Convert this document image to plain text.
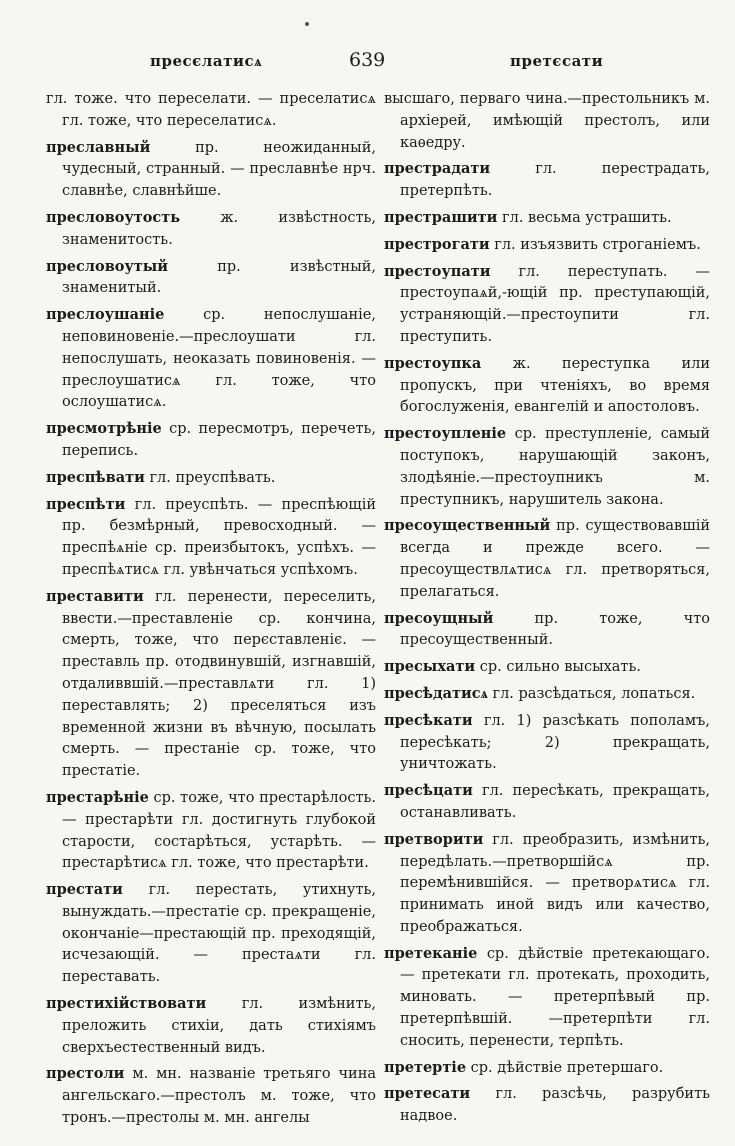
пресєлатисѧ	639	претєсати

гл. тоже. что переселати. — преселатисѧ гл. тоже, что переселатисѧ.

преславный	пр. неожиданный, чудесный, странный. — преславнѣе нрч. славнѣе, славнѣйше.

пресловоутость	ж. извѣстность, знаменитость.

пресловоутый	пр. извѣстный, знаменитый.

преслоушаніе	ср. непослушаніе, неповиновеніе.—преслоушати гл. непослушать, неоказать повиновенія. — преслоушатисѧ гл. тоже, что ослоушатисѧ.

пресмотрѣніе ср. пересмотръ, перечеть, перепись.

преспѣвати гл. преуспѣвать.

преспѣти гл. преуспѣть. — преспѣющій пр. безмѣрный, превосходный. — преспѣѧніе ср. преизбытокъ, успѣхъ. — преспѣѧтисѧ гл. увѣнчаться успѣхомъ.

преставити гл. перенести, переселить, ввести.—преставленіе ср. кончина, смерть, тоже, что перєставленіє. — преставль пр. отодвинувшій, изгнавшій, отдаливвшій.—преставлѧти гл. 1) переставлять; 2) преселяться изъ временной жизни въ вѣчную, посылать смерть. — престаніе ср. тоже, что престатіе.

престарѣніе ср. тоже, что престарѣлость. — престарѣти гл. достигнуть глубокой старости, состарѣться, устарѣть. — престарѣтисѧ гл. тоже, что престарѣти.

престати гл. перестать, утихнуть, вынуждать.—престатіе ср. прекращеніе, окончаніе—престающій пр. преходящій, исчезающій. — престаѧти гл. переставать.

престихійствовати гл. измѣнить, преложить стихіи, дать стихіямъ сверхъестественный видъ.

престоли м. мн. названіе третьяго чина ангельскаго.—престолъ м. тоже, что тронъ.—престолы м. мн. ангелы

высшаго, перваго чина.—престольникъ м. архіерей, имѣющій престолъ, или каѳедру.

престрадати	гл. перестрадать, претерпѣть.

престрашити гл. весьма устрашить.

престрогати гл. изъязвить строганіемъ.

престоупати гл. переступать. — престоупаѧй,-ющій пр. преступающій, устраняющій.—престоупити гл. преступить.

престоупка ж. переступка или пропускъ, при чтеніяхъ, во время богослуженія, евангелій и апостоловъ.

престоупленіе ср. преступленіе, самый поступокъ, нарушающій законъ, злодѣяніе.—престоупникъ м. преступникъ, нарушитель закона.

пресоущественный пр. существовавшій всегда и прежде всего. — пресоуществлѧтисѧ гл. претворяться, прелагаться.

пресоущный	пр. тоже, что пресоущественный.

пресыхати ср. сильно высыхать.

пресѣдатисѧ гл. разсѣдаться, лопаться.

пресѣкати гл. 1) разсѣкать пополамъ, пересѣкать; 2) прекращать, уничтожать.

пресѣцати гл. пересѣкать, прекращать, останавливать.

претворити гл. преобразить, измѣнить, передѣлать.—претворшійсѧ пр. перемѣнившійся. — претворѧтисѧ гл. принимать иной видъ или качество, преображаться.

претеканіе ср. дѣйствіе претекающаго. — претекати гл. протекать, проходить, миновать. — претерпѣвый пр. претерпѣвшій. —претерпѣти гл. сносить, перенести, терпѣть.

претертіе ср. дѣйствіе претершаго.

претесати гл. разсѣчь, разрубить надвое.
